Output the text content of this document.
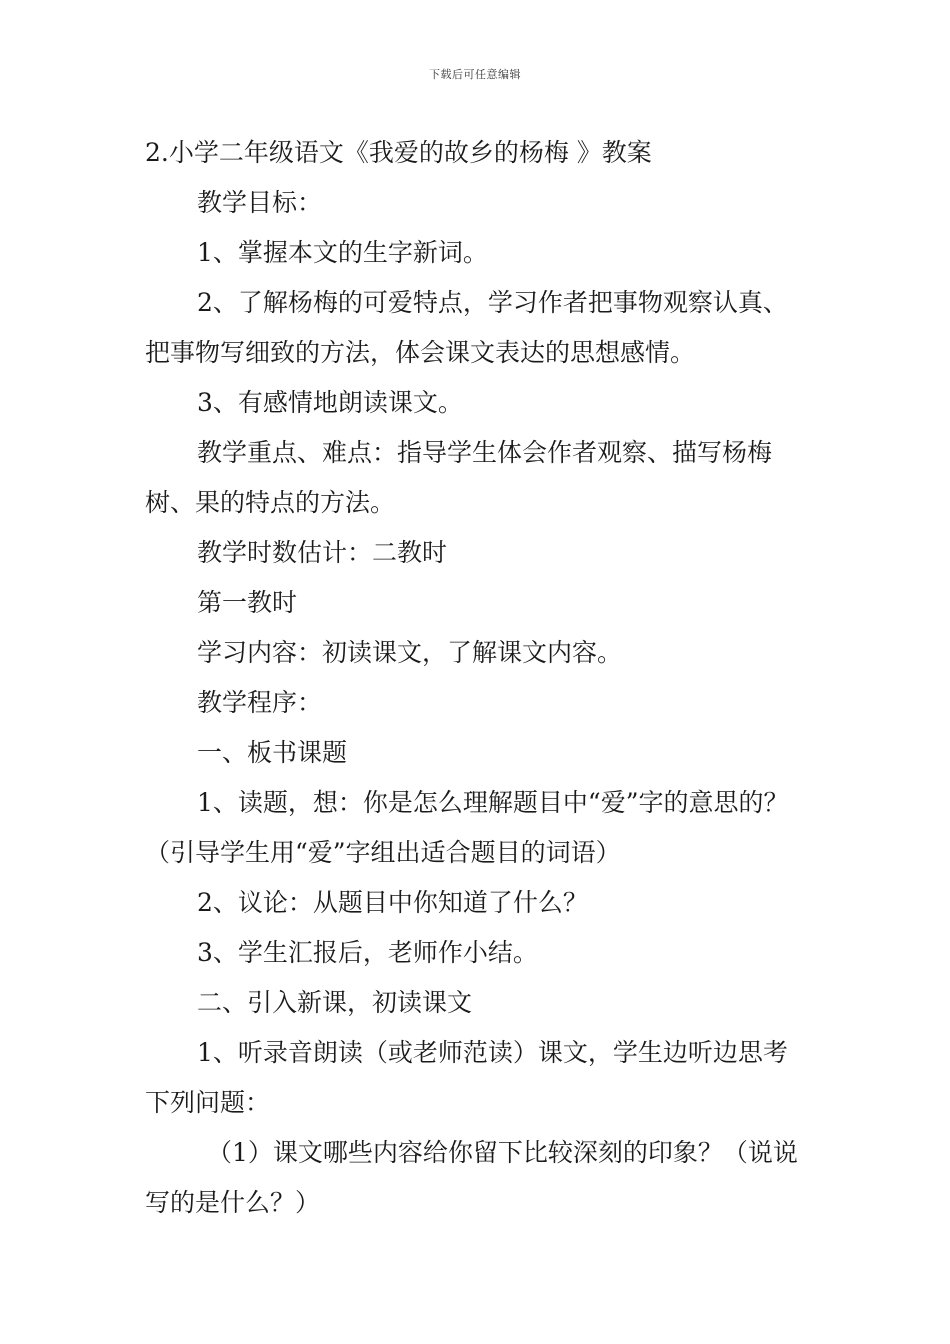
下载后可任意编辑

2.小学二年级语文《我爱的故乡的杨梅 》教案

教学目标：

1、掌握本文的生字新词。

2、了解杨梅的可爱特点，学习作者把事物观察认真、

把事物写细致的方法，体会课文表达的思想感情。

3、有感情地朗读课文。

教学重点、难点：指导学生体会作者观察、描写杨梅

树、果的特点的方法。

教学时数估计：二教时

第一教时

学习内容：初读课文，了解课文内容。

教学程序：

一、板书课题

1、读题，想：你是怎么理解题目中“爱”字的意思的？

（引导学生用“爱”字组出适合题目的词语）

2、议论：从题目中你知道了什么？

3、学生汇报后，老师作小结。

二、引入新课，初读课文

1、听录音朗读（或老师范读）课文，学生边听边思考

下列问题：

（1）课文哪些内容给你留下比较深刻的印象？（说说

写的是什么？）
